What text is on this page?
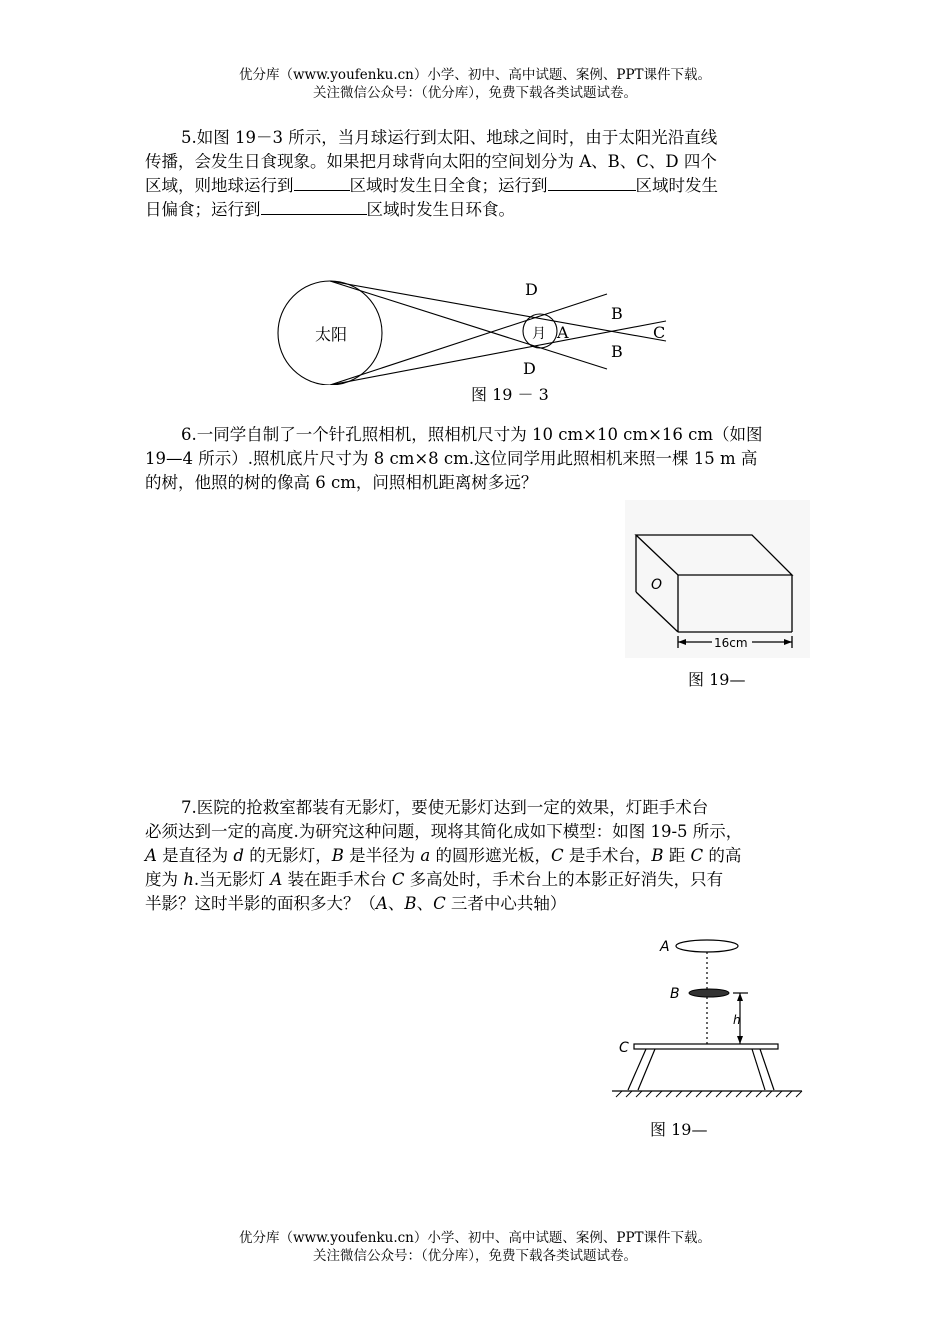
优分库（www.youfenku.cn）小学、初中、高中试题、案例、PPT课件下载。
关注微信公众号：（优分库），免费下载各类试题试卷。
5.如图 19－3 所示，当月球运行到太阳、地球之间时，由于太阳光沿直线
传播，会发生日食现象。如果把月球背向太阳的空间划分为 A、B、C、D 四个
区域，则地球运行到	区域时发生日全食；运行到	区域时发生
日偏食；运行到	区域时发生日环食。
太阳	月 A
B
B
C
D
D
图 19 － 3
6.一同学自制了一个针孔照相机，照相机尺寸为 10 cm×10 cm×16 cm（如图
19—4 所示）.照机底片尺寸为 8 cm×8 cm.这位同学用此照相机来照一棵 15 m 高
的树，他照的树的像高 6 cm，问照相机距离树多远？
O
16cm
图 19—
7.医院的抢救室都装有无影灯，要使无影灯达到一定的效果，灯距手术台
必须达到一定的高度.为研究这种问题，现将其简化成如下模型：如图 19-5 所示，
A 是直径为 d 的无影灯，B 是半径为 a 的圆形遮光板，C 是手术台，B 距 C 的高
度为 h.当无影灯 A 装在距手术台 C 多高处时，手术台上的本影正好消失，只有
半影？这时半影的面积多大？（A、B、C 三者中心共轴）
A
B
C
h
图 19—
优分库（www.youfenku.cn）小学、初中、高中试题、案例、PPT课件下载。
关注微信公众号：（优分库），免费下载各类试题试卷。
